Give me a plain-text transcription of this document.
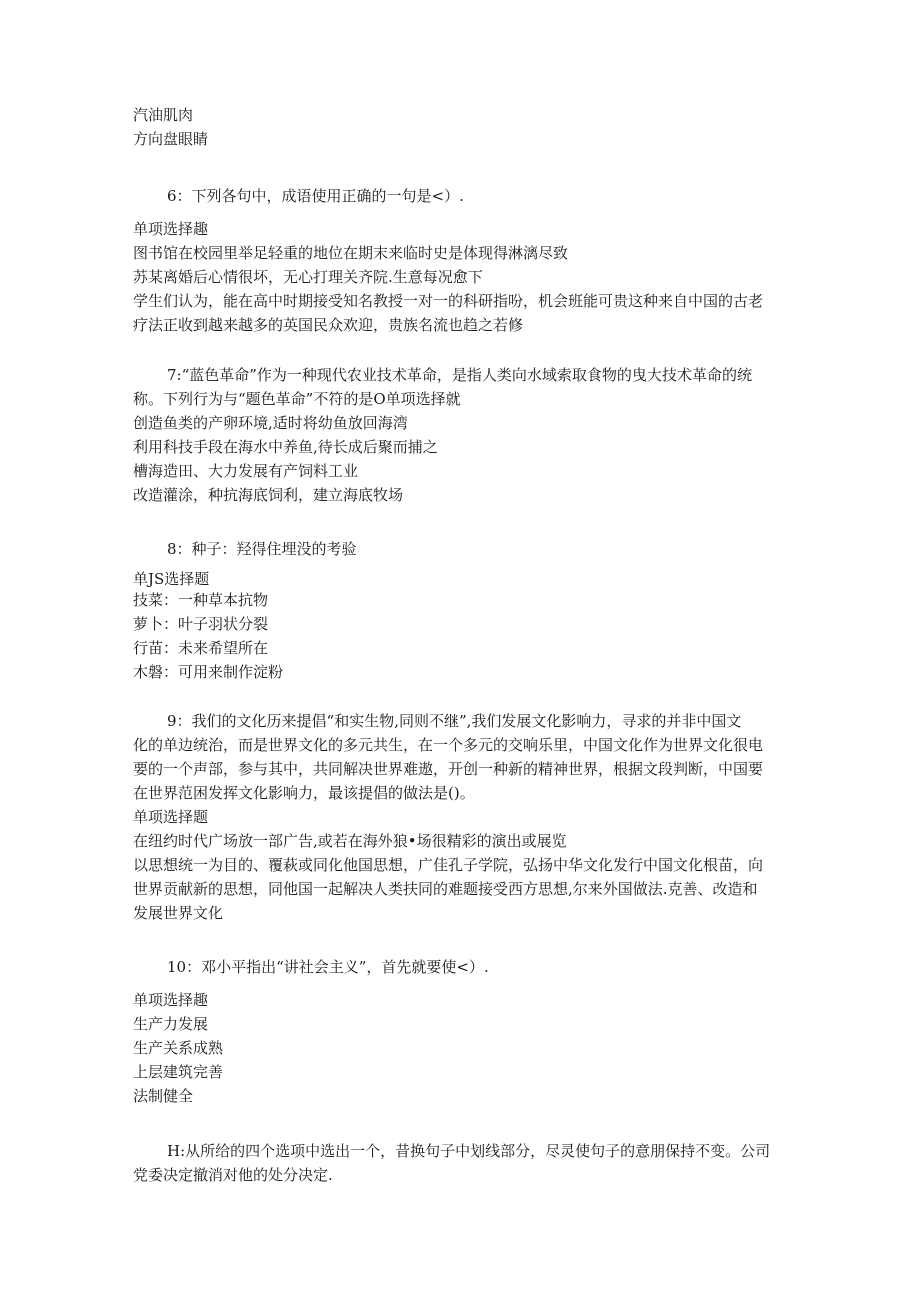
汽油肌肉
方向盘眼睛
6：下列各句中，成语使用正确的一句是<）.
单项选择趣
图书馆在校园里举足轻重的地位在期末来临时史是体现得淋漓尽致
苏某离婚后心情很坏，无心打理关齐院.生意每况愈下
学生们认为，能在高中时期接受知名教授一对一的科研指吩，机会班能可贵这种来自中国的古老
疗法正收到越来越多的英国民众欢迎，贵族名流也趋之若修
7:“蓝色革命”作为一种现代农业技术革命，是指人类向水域索取食物的曳大技术革命的统
称。下列行为与“题色革命”不符的是O单项选择就
创造鱼类的产卵环境,适时将幼鱼放回海湾
利用科技手段在海水中养鱼,待长成后聚而捕之
槽海造田、大力发展有产饲料工业
改造灌涂，种抗海底饲利，建立海底牧场
8：种子：羟得住埋没的考验
单JS选择题
技菜：一种草本抗物
萝卜：叶子羽状分裂
行苗：未来希望所在
木磐：可用来制作淀粉
9：我们的文化历来提倡“和实生物,同则不继”,我们发展文化影响力，寻求的并非中国文
化的单边统治，而是世界文化的多元共生，在一个多元的交响乐里，中国文化作为世界文化很电
要的一个声部，参与其中，共同解决世界难遨，开创一种新的精神世界，根据文段判断，中国要
在世界范困发挥文化影响力，最该提倡的做法是()。
单项选择题
在纽约时代广场放一部广告,或若在海外狼•场很精彩的演出或展览
以思想统一为目的、覆萩或同化他国思想，广佳孔子学院，弘扬中华文化发行中国文化根苗，向
世界贡献新的思想，同他国一起解决人类扶同的难题接受西方思想,尔来外国做法.克善、改造和
发展世界文化
10：邓小平指出“讲社会主义”，首先就要使<）.
单项选择趣
生产力发展
生产关系成熟
上层建筑完善
法制健全
H:从所给的四个选项中选出一个，昔换句子中划线部分，尽灵使句子的意朋保持不变。公司
党委决定撤消对他的处分决定.
